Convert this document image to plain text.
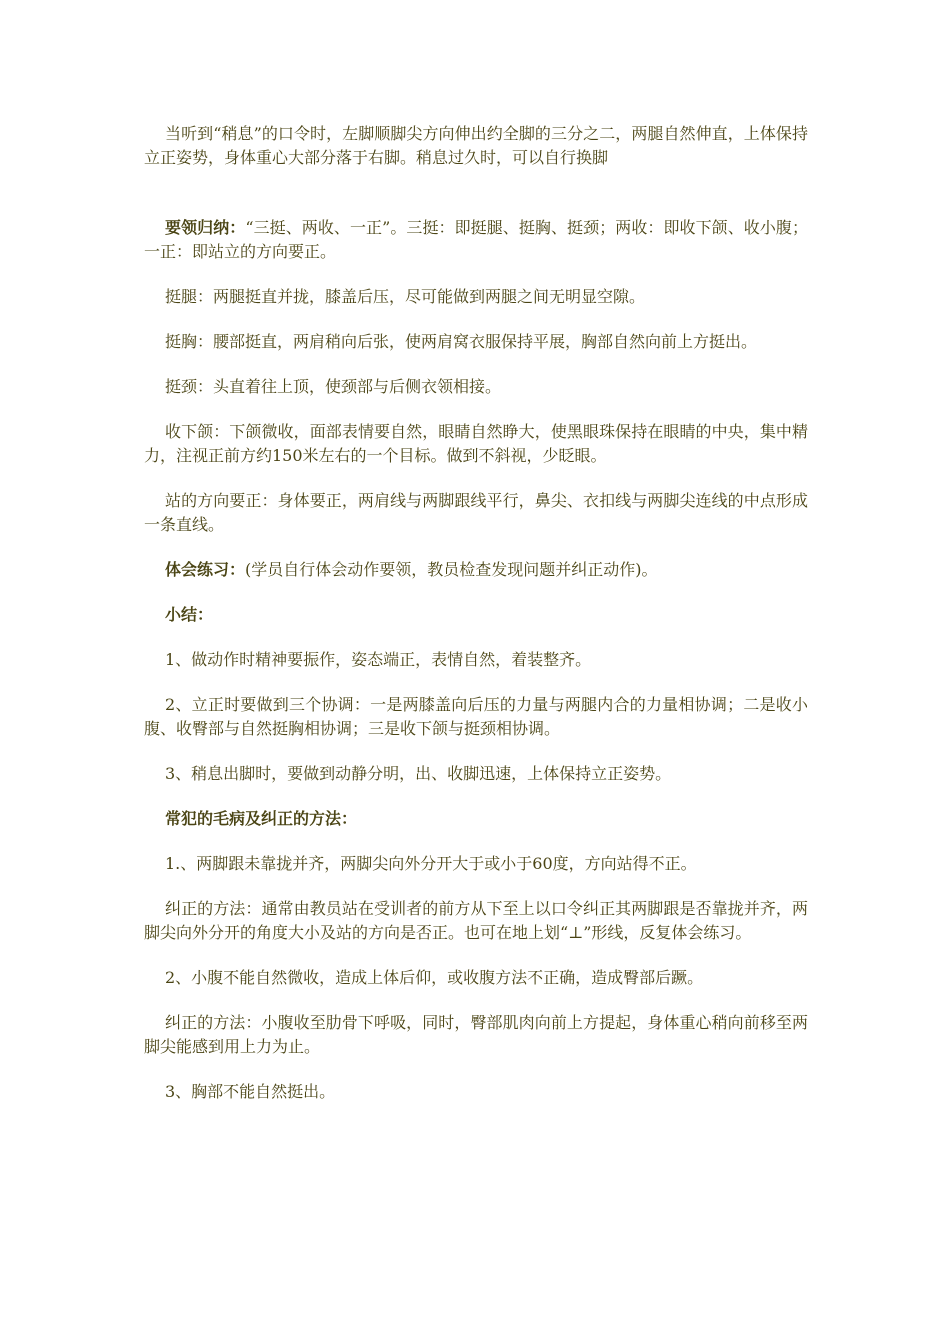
当听到“稍息”的口令时，左脚顺脚尖方向伸出约全脚的三分之二，两腿自然伸直，上体保持立正姿势，身体重心大部分落于右脚。稍息过久时，可以自行换脚

要领归纳：“三挺、两收、一正”。三挺：即挺腿、挺胸、挺颈；两收：即收下颌、收小腹；一正：即站立的方向要正。

挺腿：两腿挺直并拢，膝盖后压，尽可能做到两腿之间无明显空隙。

挺胸：腰部挺直，两肩稍向后张，使两肩窝衣服保持平展，胸部自然向前上方挺出。

挺颈：头直着往上顶，使颈部与后侧衣领相接。

收下颌：下颌微收，面部表情要自然，眼睛自然睁大，使黑眼珠保持在眼睛的中央，集中精力，注视正前方约150米左右的一个目标。做到不斜视，少眨眼。

站的方向要正：身体要正，两肩线与两脚跟线平行，鼻尖、衣扣线与两脚尖连线的中点形成一条直线。

体会练习：(学员自行体会动作要领，教员检查发现问题并纠正动作)。

小结：

1、做动作时精神要振作，姿态端正，表情自然，着装整齐。

2、立正时要做到三个协调：一是两膝盖向后压的力量与两腿内合的力量相协调；二是收小腹、收臀部与自然挺胸相协调；三是收下颌与挺颈相协调。

3、稍息出脚时，要做到动静分明，出、收脚迅速，上体保持立正姿势。

常犯的毛病及纠正的方法：

1.、两脚跟未靠拢并齐，两脚尖向外分开大于或小于60度，方向站得不正。

纠正的方法：通常由教员站在受训者的前方从下至上以口令纠正其两脚跟是否靠拢并齐，两脚尖向外分开的角度大小及站的方向是否正。也可在地上划“⊥”形线，反复体会练习。

2、小腹不能自然微收，造成上体后仰，或收腹方法不正确，造成臀部后蹶。

纠正的方法：小腹收至肋骨下呼吸，同时，臀部肌肉向前上方提起，身体重心稍向前移至两脚尖能感到用上力为止。

3、胸部不能自然挺出。
